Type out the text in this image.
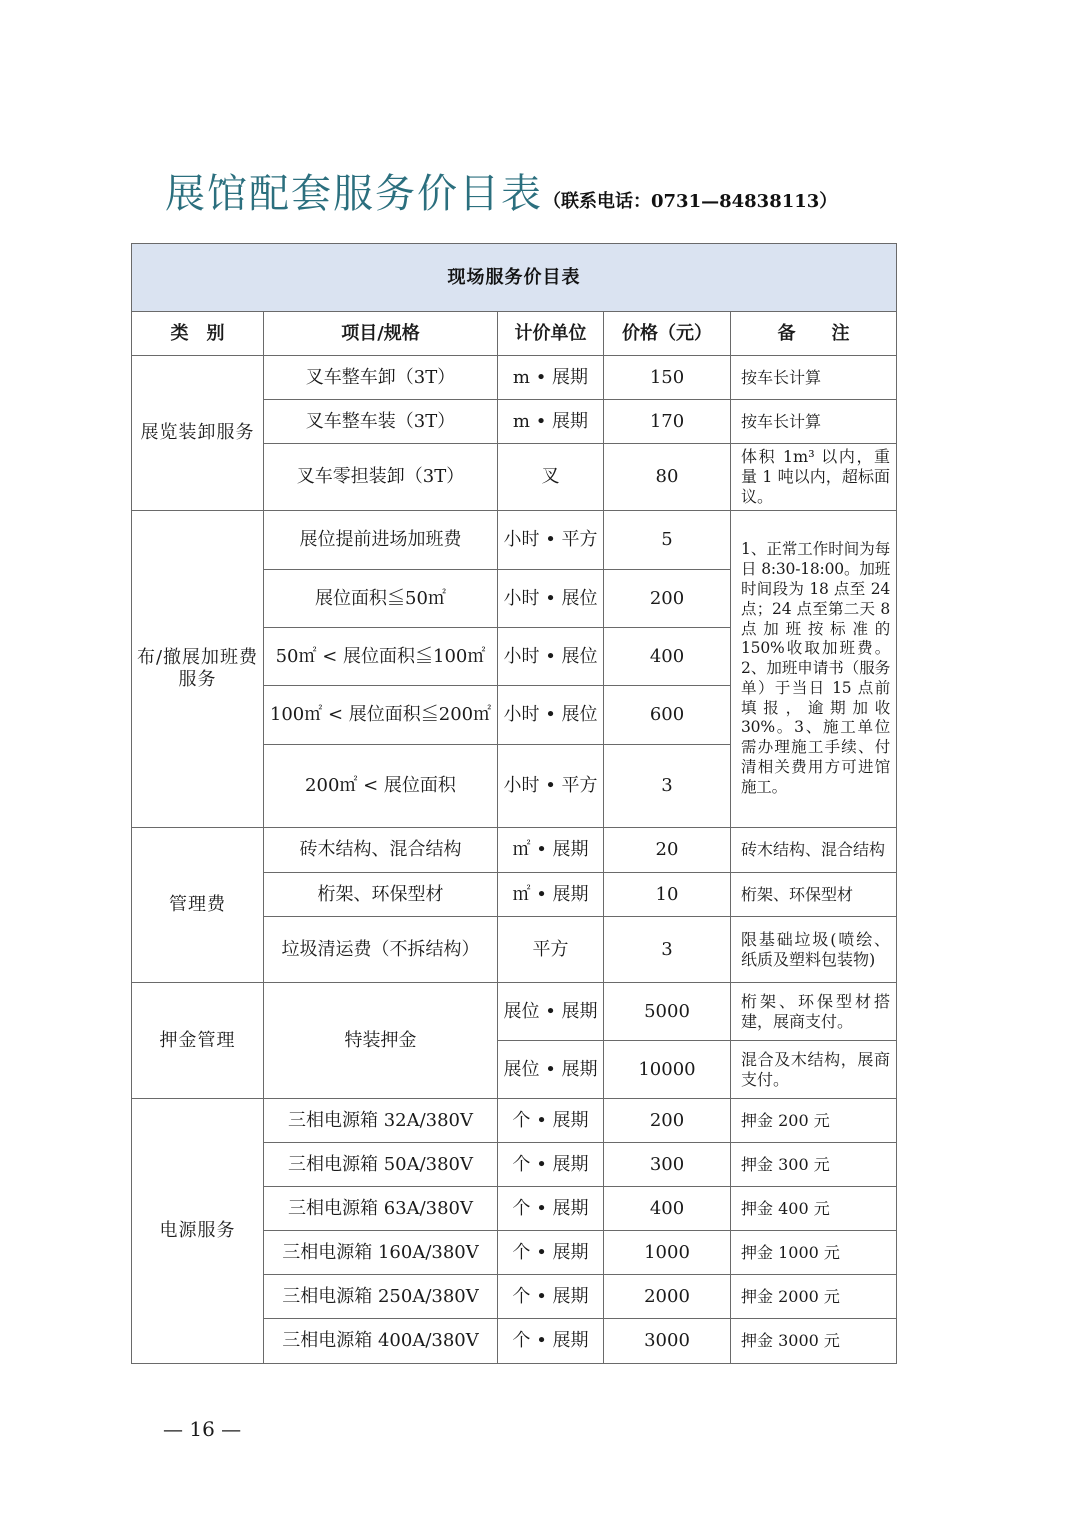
展馆配套服务价目表（联系电话：0731—84838113）
现场服务价目表				
类　别	项目/规格	计价单位	价格（元）	备　　注
展览装卸服务	叉车整车卸（3T）	m • 展期	150	按车长计算
	叉车整车装（3T）	m • 展期	170	按车长计算
	叉车零担装卸（3T）	叉	80	体积 1m³ 以内，重量 1 吨以内，超标面议。
布/撤展加班费服务	展位提前进场加班费	小时 • 平方	5	1、正常工作时间为每日 8:30-18:00。加班时间段为 18 点至 24 点；24 点至第二天 8 点加班按标准的 150%收取加班费。2、加班申请书（服务单）于当日 15 点前填报，逾期加收 30%。3、施工单位需办理施工手续、付清相关费用方可进馆施工。
	展位面积≦50㎡	小时 • 展位	200	
	50㎡ < 展位面积≦100㎡	小时 • 展位	400	
	100㎡ < 展位面积≦200㎡	小时 • 展位	600	
	200㎡ < 展位面积	小时 • 平方	3	
管理费	砖木结构、混合结构	㎡ • 展期	20	砖木结构、混合结构
	桁架、环保型材	㎡ • 展期	10	桁架、环保型材
	垃圾清运费（不拆结构）	平方	3	限基础垃圾(喷绘、纸质及塑料包装物)
押金管理	特装押金	展位 • 展期	5000	桁架、环保型材搭建，展商支付。
		展位 • 展期	10000	混合及木结构，展商支付。
电源服务	三相电源箱 32A/380V	个 • 展期	200	押金 200 元
	三相电源箱 50A/380V	个 • 展期	300	押金 300 元
	三相电源箱 63A/380V	个 • 展期	400	押金 400 元
	三相电源箱 160A/380V	个 • 展期	1000	押金 1000 元
	三相电源箱 250A/380V	个 • 展期	2000	押金 2000 元
	三相电源箱 400A/380V	个 • 展期	3000	押金 3000 元
— 16 —
